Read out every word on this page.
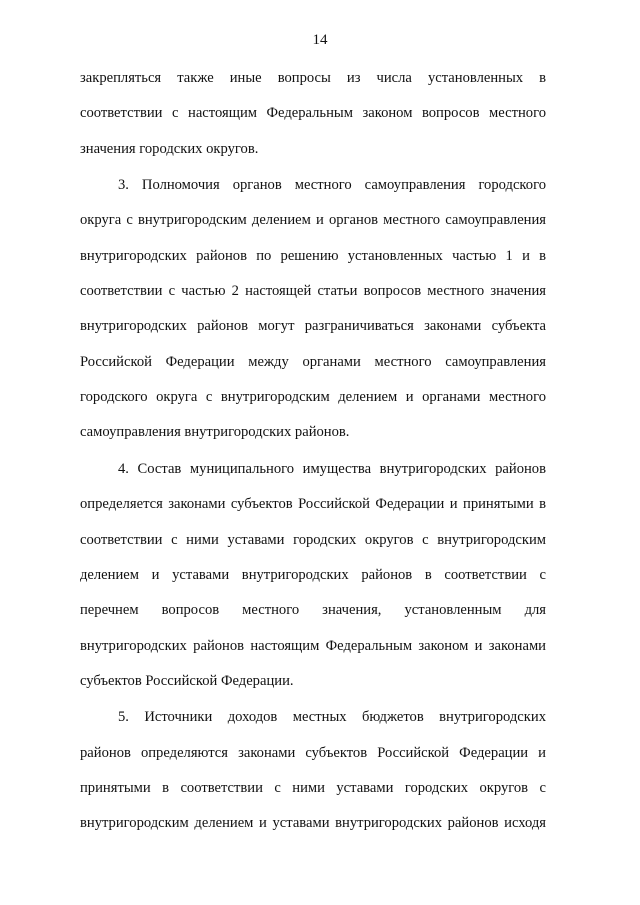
14
закрепляться также иные вопросы из числа установленных в
соответствии с настоящим Федеральным законом вопросов местного
значения городских округов.
3. Полномочия органов местного самоуправления городского
округа с внутригородским делением и органов местного самоуправления
внутригородских районов по решению установленных частью 1 и в
соответствии с частью 2 настоящей статьи вопросов местного значения
внутригородских районов могут разграничиваться законами субъекта
Российской Федерации между органами местного самоуправления
городского округа с внутригородским делением и органами местного
самоуправления внутригородских районов.
4. Состав муниципального имущества внутригородских районов
определяется законами субъектов Российской Федерации и принятыми в
соответствии с ними уставами городских округов с внутригородским
делением и уставами внутригородских районов в соответствии с
перечнем вопросов местного значения, установленным для
внутригородских районов настоящим Федеральным законом и законами
субъектов Российской Федерации.
5. Источники доходов местных бюджетов внутригородских
районов определяются законами субъектов Российской Федерации и
принятыми в соответствии с ними уставами городских округов с
внутригородским делением и уставами внутригородских районов исходя
